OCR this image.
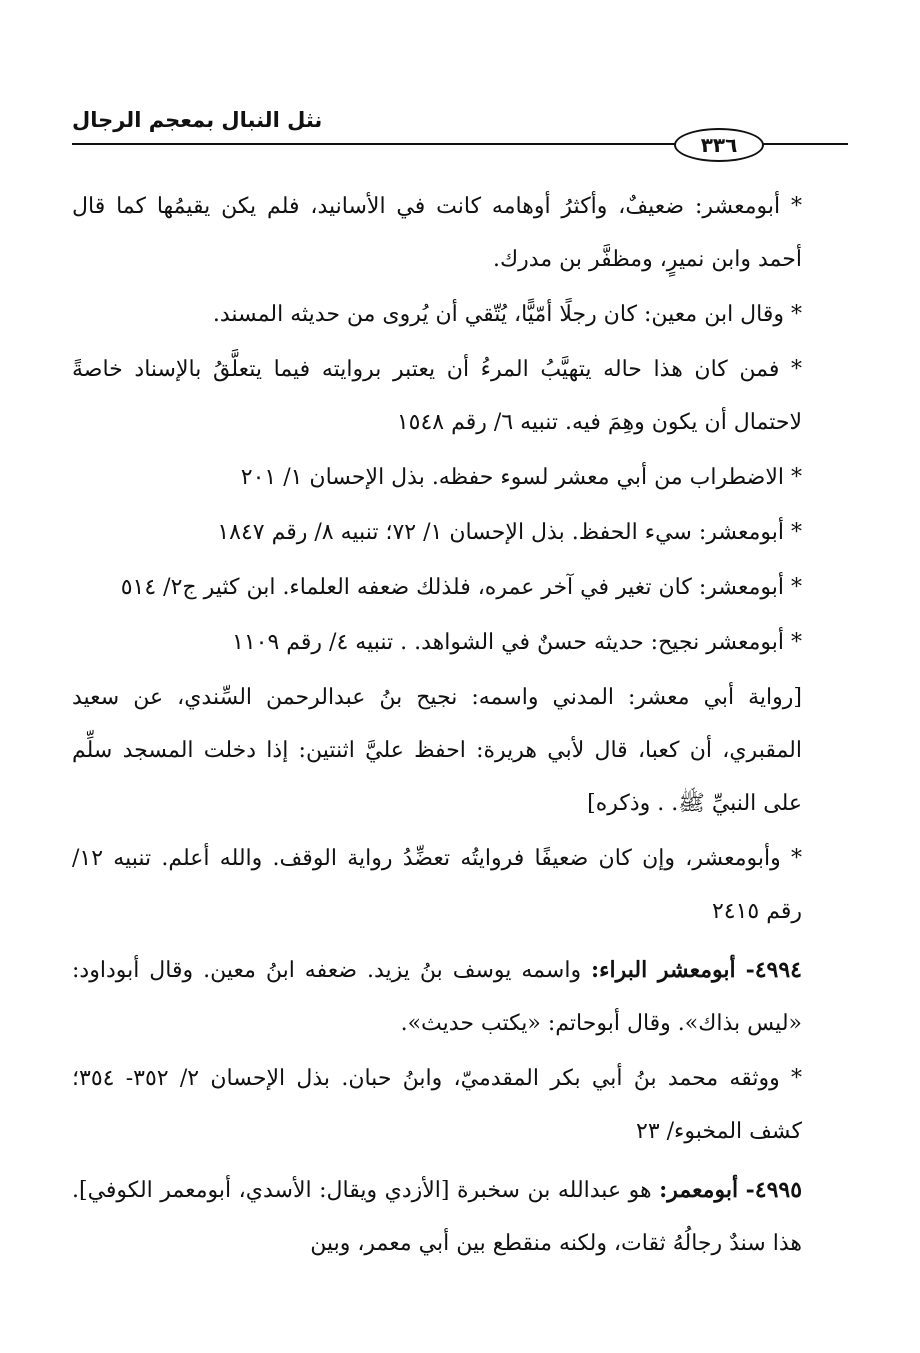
نثل النبال بمعجم الرجال
٣٣٦

* أبومعشر: ضعيفٌ، وأكثرُ أوهامه كانت في الأسانيد، فلم يكن يقيمُها كما قال أحمد وابن نميرٍ، ومظفَّر بن مدرك.

* وقال ابن معين: كان رجلًا أمّيًّا، يُتّقي أن يُروى من حديثه المسند.

* فمن كان هذا حاله يتهيَّبُ المرءُ أن يعتبر بروايته فيما يتعلَّقُ بالإسناد خاصةً لاحتمال أن يكون وهِمَ فيه. تنبيه ٦/ رقم ١٥٤٨

* الاضطراب من أبي معشر لسوء حفظه. بذل الإحسان ١/ ٢٠١

* أبومعشر: سيء الحفظ. بذل الإحسان ١/ ٧٢؛ تنبيه ٨/ رقم ١٨٤٧

* أبومعشر: كان تغير في آخر عمره، فلذلك ضعفه العلماء. ابن كثير ج٢/ ٥١٤

* أبومعشر نجيح: حديثه حسنٌ في الشواهد. . تنبيه ٤/ رقم ١١٠٩

[رواية أبي معشر: المدني واسمه: نجيح بنُ عبدالرحمن السِّندي، عن سعيد المقبري، أن كعبا، قال لأبي هريرة: احفظ عليَّ اثنتين: إذا دخلت المسجد سلِّم على النبيِّ ﷺ. . وذكره]

* وأبومعشر، وإن كان ضعيفًا فروايتُه تعضِّدُ رواية الوقف. والله أعلم. تنبيه ١٢/ رقم ٢٤١٥

٤٩٩٤- أبومعشر البراء: واسمه يوسف بنُ يزيد. ضعفه ابنُ معين. وقال أبوداود: «ليس بذاك». وقال أبوحاتم: «يكتب حديث».

* ووثقه محمد بنُ أبي بكر المقدميّ، وابنُ حبان. بذل الإحسان ٢/ ٣٥٢- ٣٥٤؛ كشف المخبوء/ ٢٣

٤٩٩٥- أبومعمر: هو عبدالله بن سخبرة [الأزدي ويقال: الأسدي، أبومعمر الكوفي]. هذا سندٌ رجالُهُ ثقات، ولكنه منقطع بين أبي معمر، وبين
